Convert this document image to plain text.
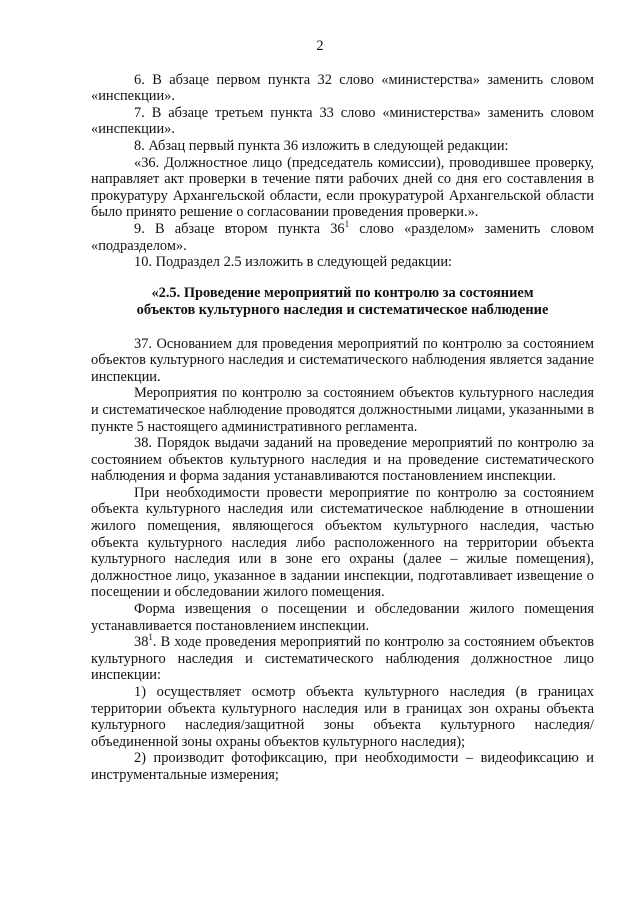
2

6. В абзаце первом пункта 32 слово «министерства» заменить словом «инспекции».

7. В абзаце третьем пункта 33 слово «министерства» заменить словом «инспекции».

8. Абзац первый пункта 36 изложить в следующей редакции:

«36. Должностное лицо (председатель комиссии), проводившее проверку, направляет акт проверки в течение пяти рабочих дней со дня его составления в прокуратуру Архангельской области, если прокуратурой Архангельской области было принято решение о согласовании проведения проверки.».

9. В абзаце втором пункта $36^1$ слово «разделом» заменить словом «подразделом».

10. Подраздел 2.5 изложить в следующей редакции:

«2.5. Проведение мероприятий по контролю за состоянием
объектов культурного наследия и систематическое наблюдение

37. Основанием для проведения мероприятий по контролю за состоянием объектов культурного наследия и систематического наблюдения является задание инспекции.

Мероприятия по контролю за состоянием объектов культурного наследия и систематическое наблюдение проводятся должностными лицами, указанными в пункте 5 настоящего административного регламента.

38. Порядок выдачи заданий на проведение мероприятий по контролю за состоянием объектов культурного наследия и на проведение систематического наблюдения и форма задания устанавливаются постановлением инспекции.

При необходимости провести мероприятие по контролю за состоянием объекта культурного наследия или систематическое наблюдение в отношении жилого помещения, являющегося объектом культурного наследия, частью объекта культурного наследия либо расположенного на территории объекта культурного наследия или в зоне его охраны (далее – жилые помещения), должностное лицо, указанное в задании инспекции, подготавливает извещение о посещении и обследовании жилого помещения.

Форма извещения о посещении и обследовании жилого помещения устанавливается постановлением инспекции.

$38^1$. В ходе проведения мероприятий по контролю за состоянием объектов культурного наследия и систематического наблюдения должностное лицо инспекции:

1) осуществляет осмотр объекта культурного наследия (в границах территории объекта культурного наследия или в границах зон охраны объекта культурного наследия/защитной зоны объекта культурного наследия/ объединенной зоны охраны объектов культурного наследия);

2) производит фотофиксацию, при необходимости – видеофиксацию и инструментальные измерения;
